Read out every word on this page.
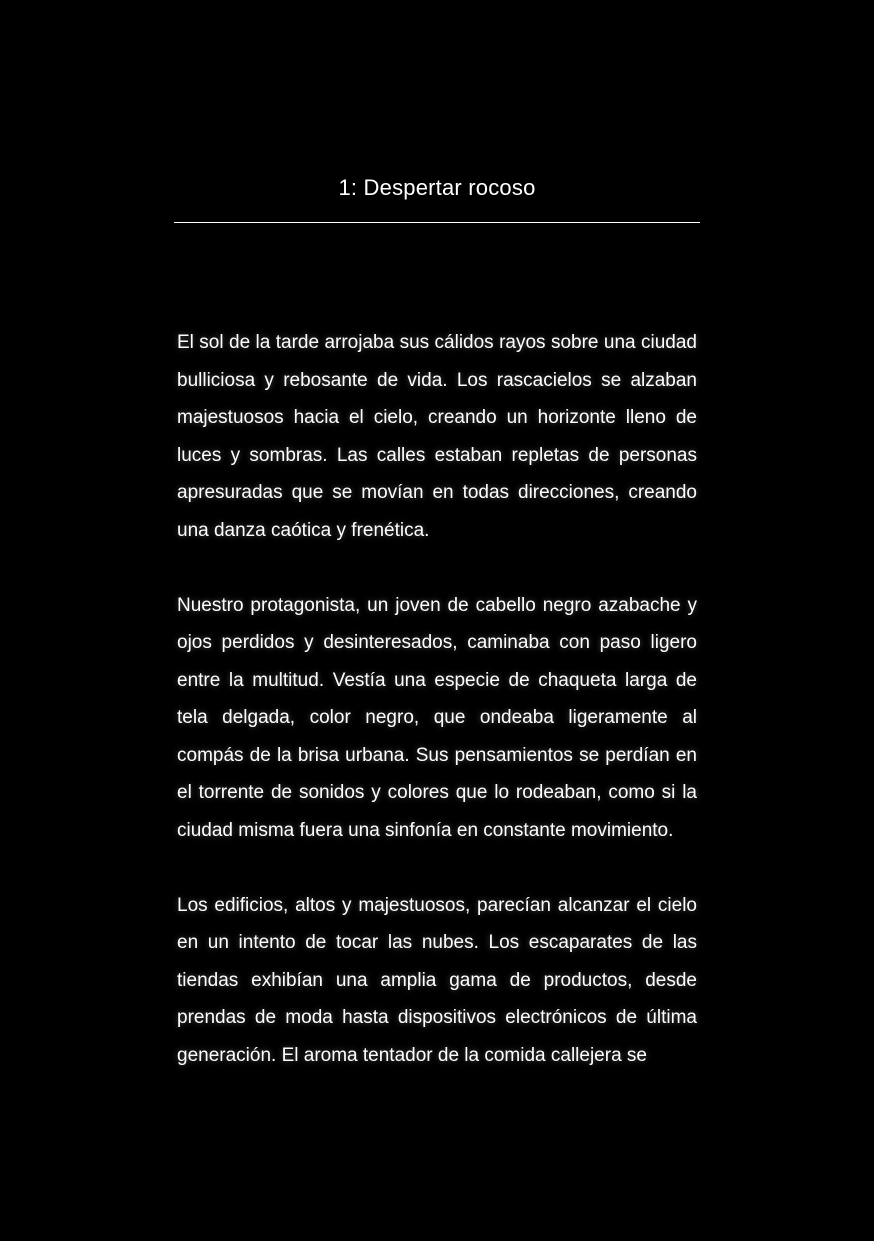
1: Despertar rocoso

El sol de la tarde arrojaba sus cálidos rayos sobre una ciudad bulliciosa y rebosante de vida. Los rascacielos se alzaban majestuosos hacia el cielo, creando un horizonte lleno de luces y sombras. Las calles estaban repletas de personas apresuradas que se movían en todas direcciones, creando una danza caótica y frenética.

Nuestro protagonista, un joven de cabello negro azabache y ojos perdidos y desinteresados, caminaba con paso ligero entre la multitud. Vestía una especie de chaqueta larga de tela delgada, color negro, que ondeaba ligeramente al compás de la brisa urbana. Sus pensamientos se perdían en el torrente de sonidos y colores que lo rodeaban, como si la ciudad misma fuera una sinfonía en constante movimiento.

Los edificios, altos y majestuosos, parecían alcanzar el cielo en un intento de tocar las nubes. Los escaparates de las tiendas exhibían una amplia gama de productos, desde prendas de moda hasta dispositivos electrónicos de última generación. El aroma tentador de la comida callejera se
